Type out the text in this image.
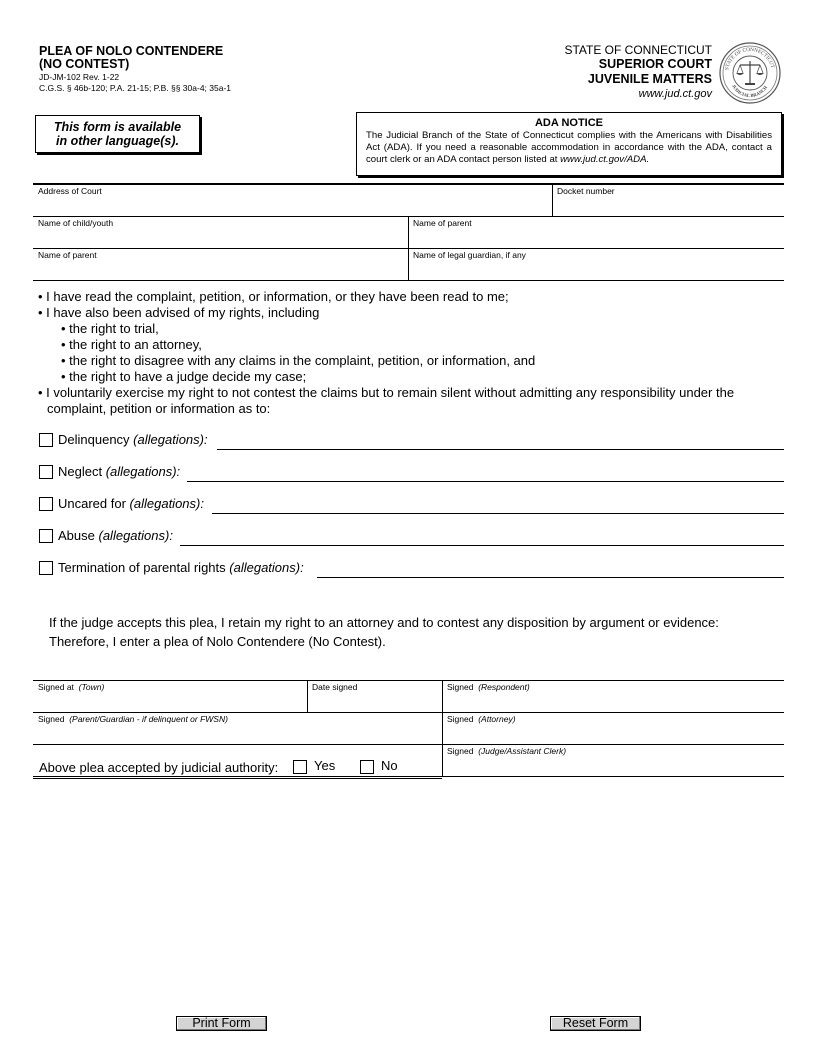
PLEA OF NOLO CONTENDERE
(NO CONTEST)
JD-JM-102 Rev. 1-22
C.G.S. § 46b-120; P.A. 21-15; P.B. §§ 30a-4; 35a-1
STATE OF CONNECTICUT
SUPERIOR COURT
JUVENILE MATTERS
www.jud.ct.gov
STATE OF CONNECTICUT
JUDICIAL BRANCH
This form is available
in other language(s).
ADA NOTICE
The Judicial Branch of the State of Connecticut complies with the Americans with Disabilities Act (ADA). If you need a reasonable accommodation in accordance with the ADA, contact a court clerk or an ADA contact person listed at www.jud.ct.gov/ADA.
Address of Court	Docket number
Name of child/youth	Name of parent
Name of parent	Name of legal guardian, if any
• I have read the complaint, petition, or information, or they have been read to me;
• I have also been advised of my rights, including
• the right to trial,
• the right to an attorney,
• the right to disagree with any claims in the complaint, petition, or information, and
• the right to have a judge decide my case;
• I voluntarily exercise my right to not contest the claims but to remain silent without admitting any responsibility under the
complaint, petition or information as to:
Delinquency (allegations):
Neglect (allegations):
Uncared for (allegations):
Abuse (allegations):
Termination of parental rights (allegations):
If the judge accepts this plea, I retain my right to an attorney and to contest any disposition by argument or evidence:
Therefore, I enter a plea of Nolo Contendere (No Contest).
Signed at (Town)	Date signed	Signed (Respondent)
Signed (Parent/Guardian - if delinquent or FWSN)	Signed (Attorney)
Signed (Judge/Assistant Clerk)
Above plea accepted by judicial authority:	Yes	No
Print Form	Reset Form
